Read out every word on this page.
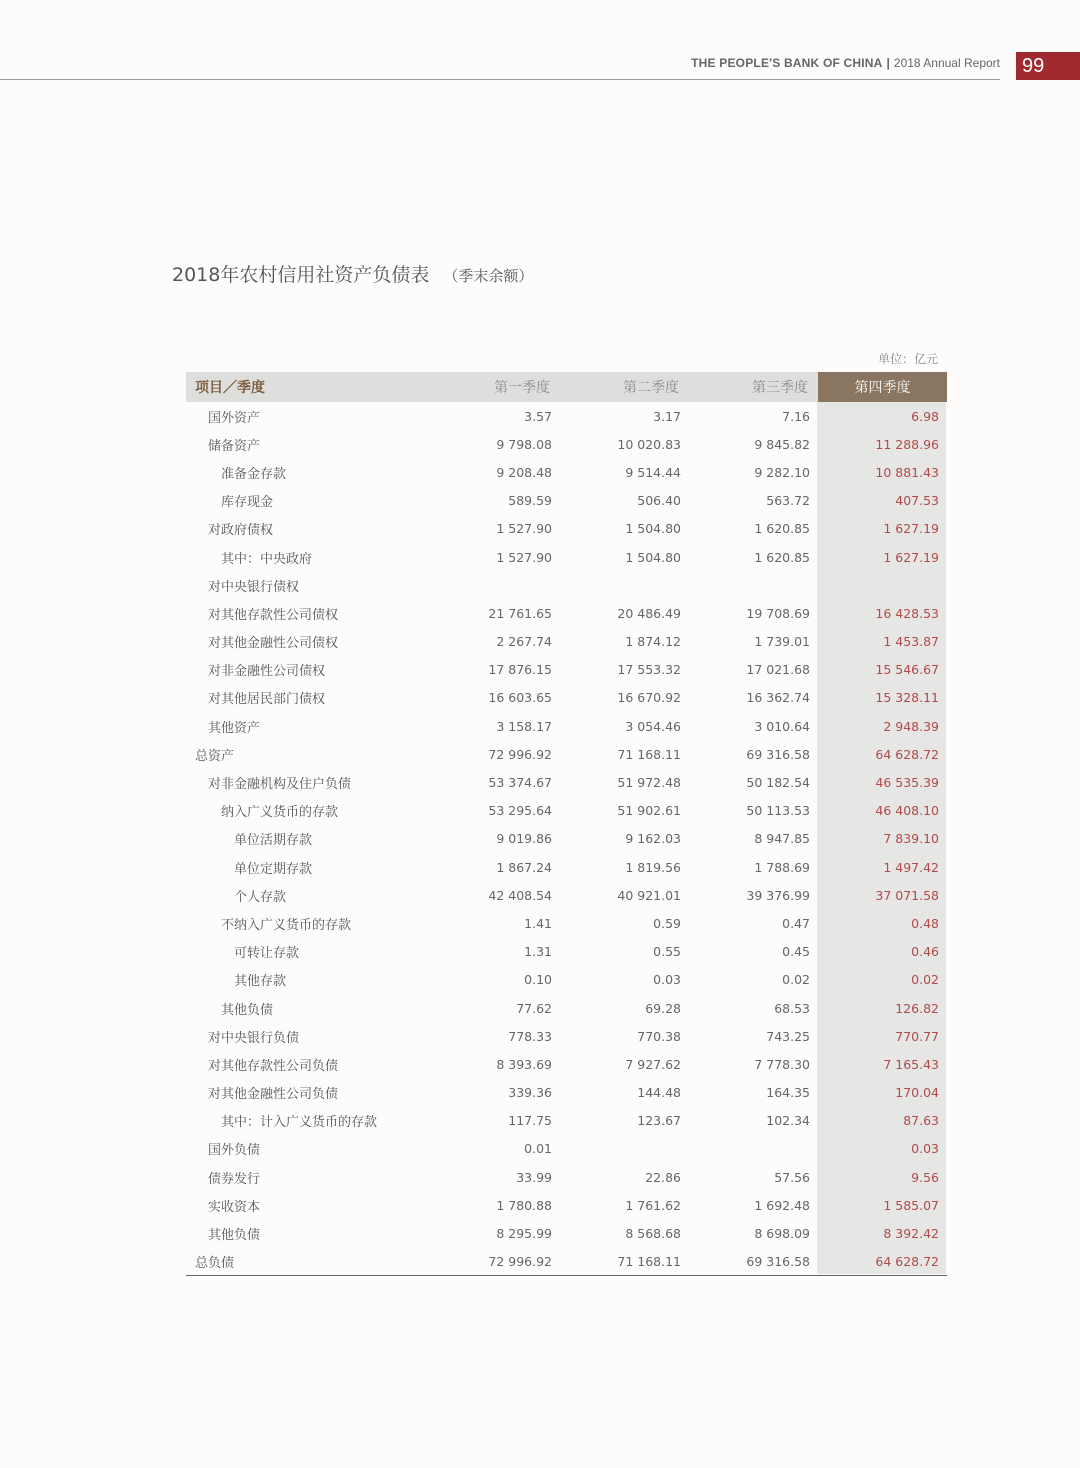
THE PEOPLE'S BANK OF CHINA | 2018 Annual Report	99
2018年农村信用社资产负债表 （季末余额）
单位：亿元
项目／季度	第一季度	第二季度	第三季度	第四季度
国外资产	3.57	3.17	7.16	6.98
储备资产	9 798.08	10 020.83	9 845.82	11 288.96
准备金存款	9 208.48	9 514.44	9 282.10	10 881.43
库存现金	589.59	506.40	563.72	407.53
对政府债权	1 527.90	1 504.80	1 620.85	1 627.19
其中：中央政府	1 527.90	1 504.80	1 620.85	1 627.19
对中央银行债权				
对其他存款性公司债权	21 761.65	20 486.49	19 708.69	16 428.53
对其他金融性公司债权	2 267.74	1 874.12	1 739.01	1 453.87
对非金融性公司债权	17 876.15	17 553.32	17 021.68	15 546.67
对其他居民部门债权	16 603.65	16 670.92	16 362.74	15 328.11
其他资产	3 158.17	3 054.46	3 010.64	2 948.39
总资产	72 996.92	71 168.11	69 316.58	64 628.72
对非金融机构及住户负债	53 374.67	51 972.48	50 182.54	46 535.39
纳入广义货币的存款	53 295.64	51 902.61	50 113.53	46 408.10
单位活期存款	9 019.86	9 162.03	8 947.85	7 839.10
单位定期存款	1 867.24	1 819.56	1 788.69	1 497.42
个人存款	42 408.54	40 921.01	39 376.99	37 071.58
不纳入广义货币的存款	1.41	0.59	0.47	0.48
可转让存款	1.31	0.55	0.45	0.46
其他存款	0.10	0.03	0.02	0.02
其他负债	77.62	69.28	68.53	126.82
对中央银行负债	778.33	770.38	743.25	770.77
对其他存款性公司负债	8 393.69	7 927.62	7 778.30	7 165.43
对其他金融性公司负债	339.36	144.48	164.35	170.04
其中：计入广义货币的存款	117.75	123.67	102.34	87.63
国外负债	0.01			0.03
债券发行	33.99	22.86	57.56	9.56
实收资本	1 780.88	1 761.62	1 692.48	1 585.07
其他负债	8 295.99	8 568.68	8 698.09	8 392.42
总负债	72 996.92	71 168.11	69 316.58	64 628.72
